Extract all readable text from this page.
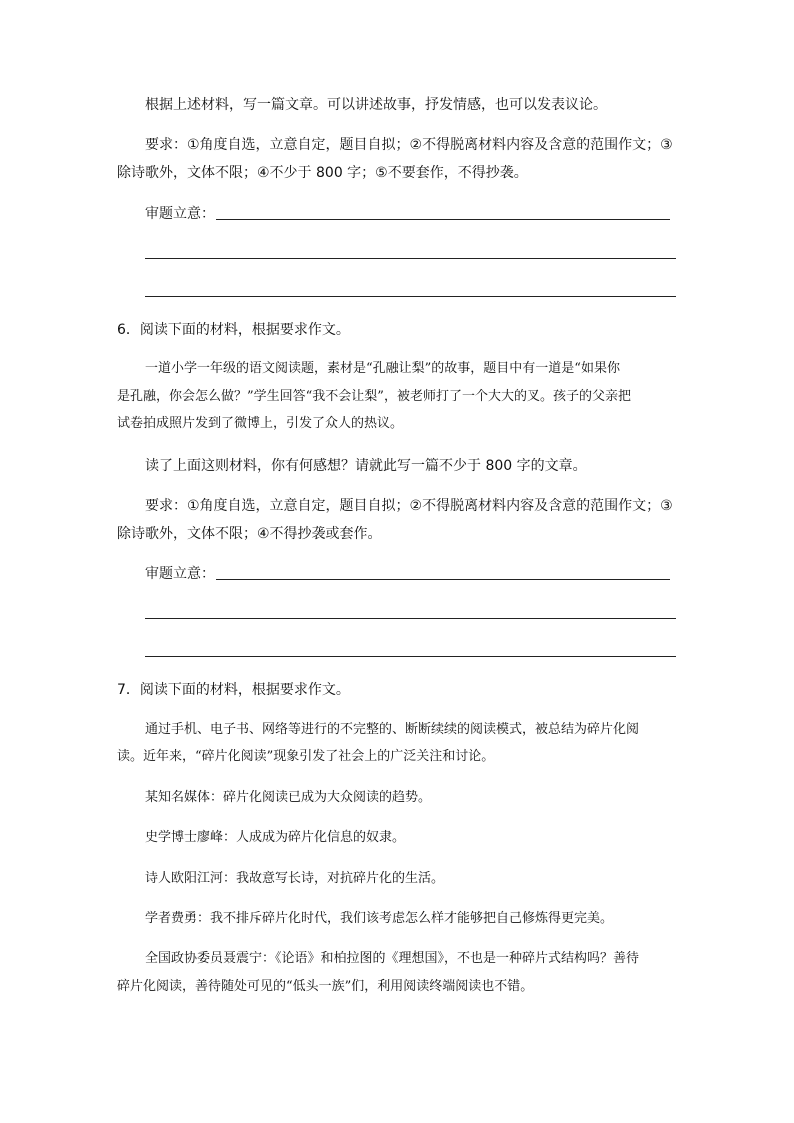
根据上述材料，写一篇文章。可以讲述故事，抒发情感，也可以发表议论。

要求：①角度自选，立意自定，题目自拟；②不得脱离材料内容及含意的范围作文；③

除诗歌外，文体不限；④不少于 800 字；⑤不要套作，不得抄袭。

审题立意：

6．阅读下面的材料，根据要求作文。

一道小学一年级的语文阅读题，素材是“孔融让梨”的故事，题目中有一道是“如果你

是孔融，你会怎么做？”学生回答“我不会让梨”，被老师打了一个大大的叉。孩子的父亲把

试卷拍成照片发到了微博上，引发了众人的热议。

读了上面这则材料，你有何感想？请就此写一篇不少于 800 字的文章。

要求：①角度自选，立意自定，题目自拟；②不得脱离材料内容及含意的范围作文；③

除诗歌外，文体不限；④不得抄袭或套作。

审题立意：

7．阅读下面的材料，根据要求作文。

通过手机、电子书、网络等进行的不完整的、断断续续的阅读模式，被总结为碎片化阅

读。近年来，“碎片化阅读”现象引发了社会上的广泛关注和讨论。

某知名媒体：碎片化阅读已成为大众阅读的趋势。

史学博士廖峰：人成成为碎片化信息的奴隶。

诗人欧阳江河：我故意写长诗，对抗碎片化的生活。

学者费勇：我不排斥碎片化时代，我们该考虑怎么样才能够把自己修炼得更完美。

全国政协委员聂震宁：《论语》和柏拉图的《理想国》，不也是一种碎片式结构吗？善待

碎片化阅读，善待随处可见的“低头一族”们，利用阅读终端阅读也不错。
